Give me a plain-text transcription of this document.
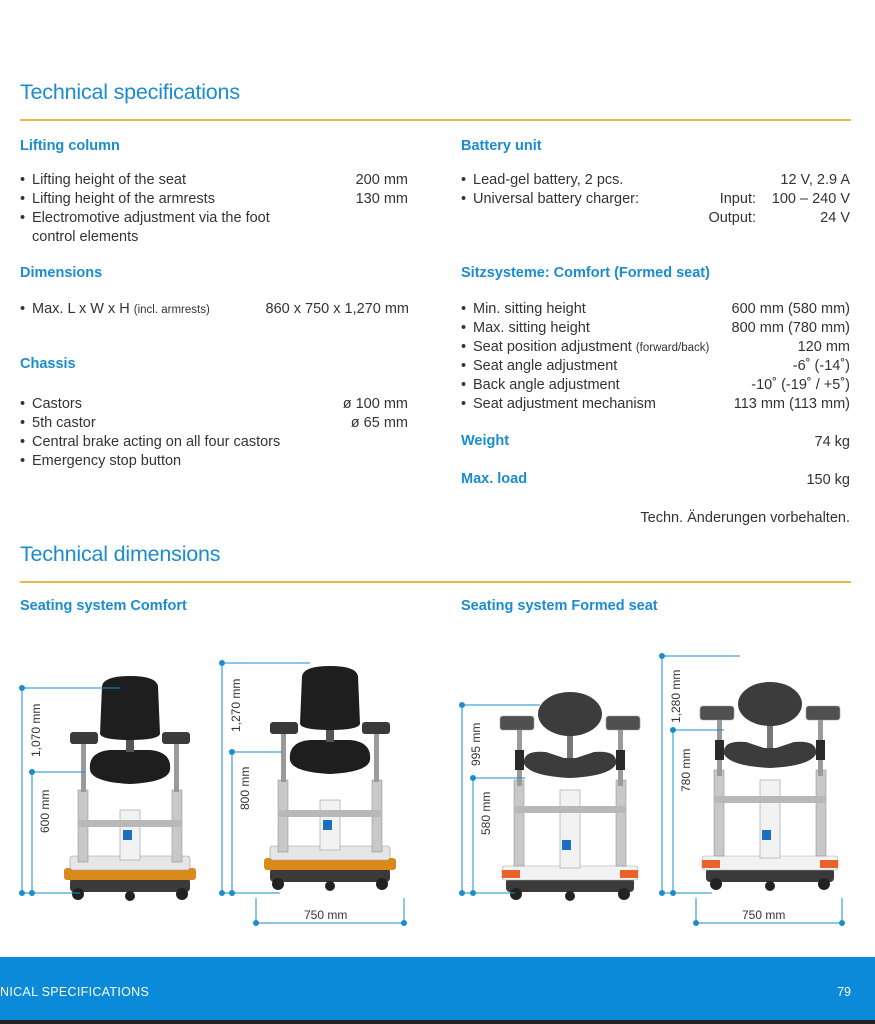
Technical specifications
Lifting column
• Lifting height of the seat	200 mm
• Lifting height of the armrests	130 mm
• Electromotive adjustment via the foot
control elements
Dimensions
• Max. L x W x H (incl. armrests)	860 x 750 x 1,270 mm
Chassis
• Castors	ø 100 mm
• 5th castor	ø 65 mm
• Central brake acting on all four castors
• Emergency stop button
Battery unit
• Lead-gel battery, 2 pcs.	12 V, 2.9 A
• Universal battery charger:	Input: 100 – 240 V
Output:	24 V
Sitzsysteme: Comfort (Formed seat)
• Min. sitting height	600 mm (580 mm)
• Max. sitting height	800 mm (780 mm)
• Seat position adjustment (forward/back)	120 mm
• Seat angle adjustment	-6˚ (-14˚)
• Back angle adjustment	-10˚ (-19˚ / +5˚)
• Seat adjustment mechanism	113 mm (113 mm)
Weight	74 kg
Max. load	150 kg
Techn. Änderungen vorbehalten.
Technical dimensions
Seating system Comfort	Seating system Formed seat
1,070 mm
600 mm
1,270 mm
800 mm
750 mm
995 mm
580 mm
1,280 mm
780 mm
750 mm
NICAL SPECIFICATIONS	79
